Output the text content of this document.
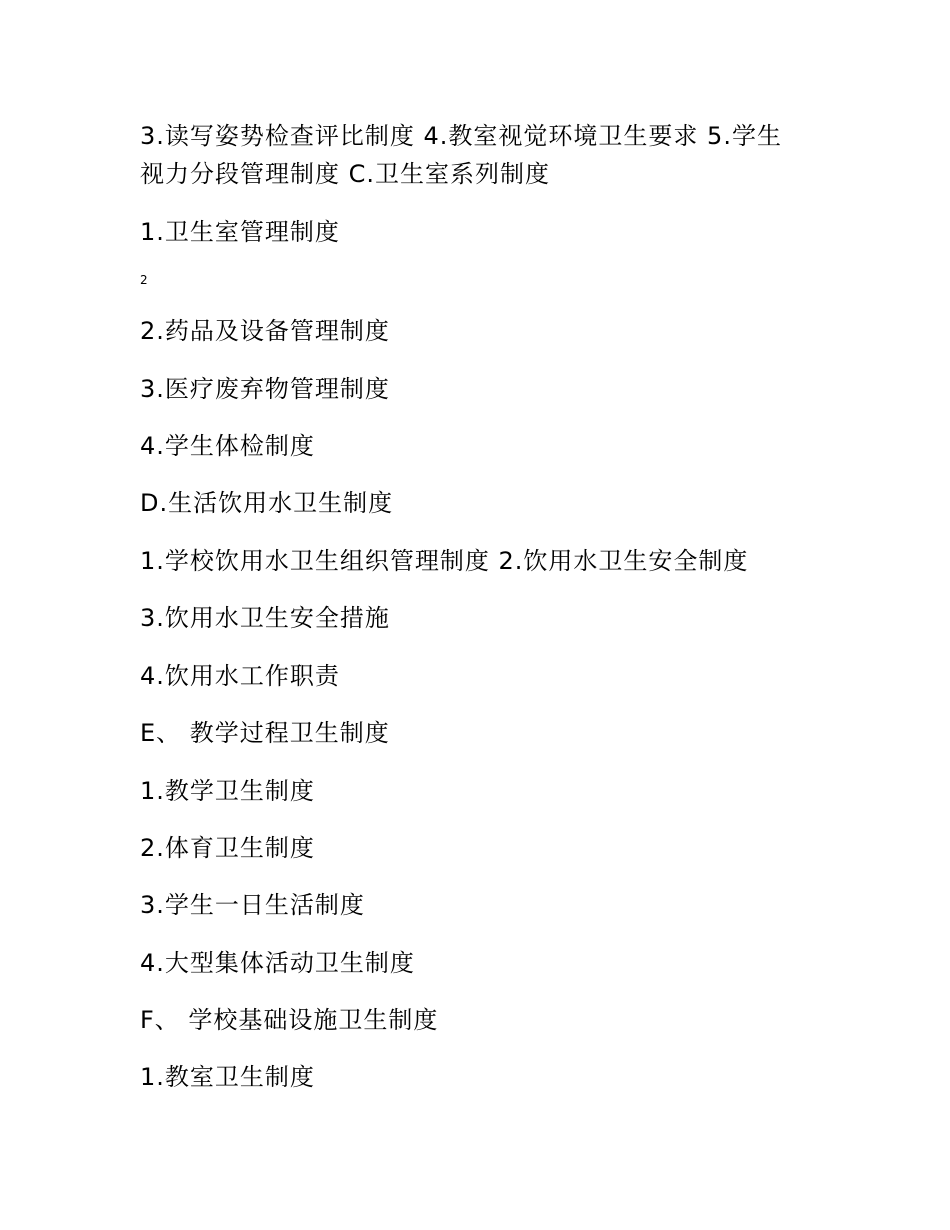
3.读写姿势检查评比制度 4.教室视觉环境卫生要求 5.学生
视力分段管理制度 C.卫生室系列制度
1.卫生室管理制度
2
2.药品及设备管理制度
3.医疗废弃物管理制度
4.学生体检制度
D.生活饮用水卫生制度
1.学校饮用水卫生组织管理制度 2.饮用水卫生安全制度
3.饮用水卫生安全措施
4.饮用水工作职责
E、 教学过程卫生制度
1.教学卫生制度
2.体育卫生制度
3.学生一日生活制度
4.大型集体活动卫生制度
F、 学校基础设施卫生制度
1.教室卫生制度
